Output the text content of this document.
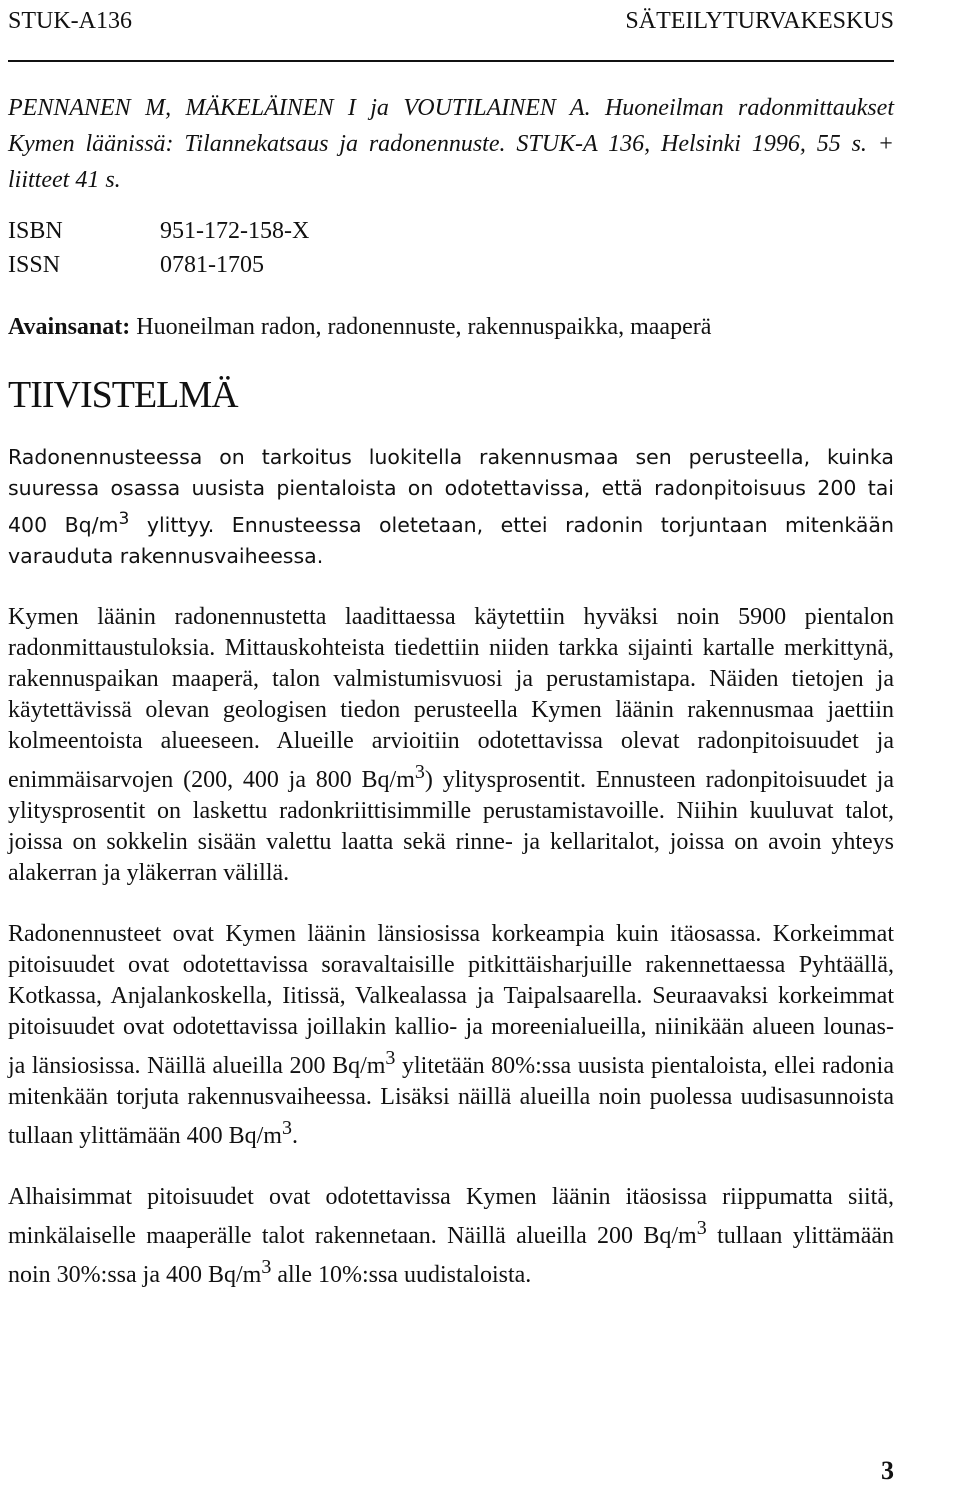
STUK-A136	SÄTEILYTURVAKESKUS
PENNANEN M, MÄKELÄINEN I ja VOUTILAINEN A. Huoneilman radonmittaukset Kymen läänissä: Tilannekatsaus ja radonennuste. STUK-A 136, Helsinki 1996, 55 s. + liitteet 41 s.
ISBN	951-172-158-X
ISSN	0781-1705
Avainsanat: Huoneilman radon, radonennuste, rakennuspaikka, maaperä
TIIVISTELMÄ

Radonennusteessa on tarkoitus luokitella rakennusmaa sen perusteella, kuinka suuressa osassa uusista pientaloista on odotettavissa, että radonpitoisuus 200 tai 400 $Bq/m^3$ ylittyy. Ennusteessa oletetaan, ettei radonin torjuntaan mitenkään varauduta rakennusvaiheessa.

Kymen läänin radonennustetta laadittaessa käytettiin hyväksi noin 5900 pientalon radonmittaustuloksia. Mittauskohteista tiedettiin niiden tarkka sijainti kartalle merkittynä, rakennuspaikan maaperä, talon valmistumisvuosi ja perustamistapa. Näiden tietojen ja käytettävissä olevan geologisen tiedon perusteella Kymen läänin rakennusmaa jaettiin kolmeentoista alueeseen. Alueille arvioitiin odotettavissa olevat radonpitoisuudet ja enimmäisarvojen (200, 400 ja 800 $Bq/m^3$) ylitysprosentit. Ennusteen radonpitoisuudet ja ylitysprosentit on laskettu radonkriittisimmille perustamistavoille. Niihin kuuluvat talot, joissa on sokkelin sisään valettu laatta sekä rinne- ja kellaritalot, joissa on avoin yhteys alakerran ja yläkerran välillä.

Radonennusteet ovat Kymen läänin länsiosissa korkeampia kuin itäosassa. Korkeimmat pitoisuudet ovat odotettavissa soravaltaisille pitkittäisharjuille rakennettaessa Pyhtäällä, Kotkassa, Anjalankoskella, Iitissä, Valkealassa ja Taipalsaarella. Seuraavaksi korkeimmat pitoisuudet ovat odotettavissa joillakin kallio- ja moreenialueilla, niinikään alueen lounas- ja länsiosissa. Näillä alueilla 200 $Bq/m^3$ ylitetään 80%:ssa uusista pientaloista, ellei radonia mitenkään torjuta rakennusvaiheessa. Lisäksi näillä alueilla noin puolessa uudisasunnoista tullaan ylittämään 400 $Bq/m^3$.

Alhaisimmat pitoisuudet ovat odotettavissa Kymen läänin itäosissa riippumatta siitä, minkälaiselle maaperälle talot rakennetaan. Näillä alueilla 200 $Bq/m^3$ tullaan ylittämään noin 30%:ssa ja 400 $Bq/m^3$ alle 10%:ssa uudistaloista.

3
